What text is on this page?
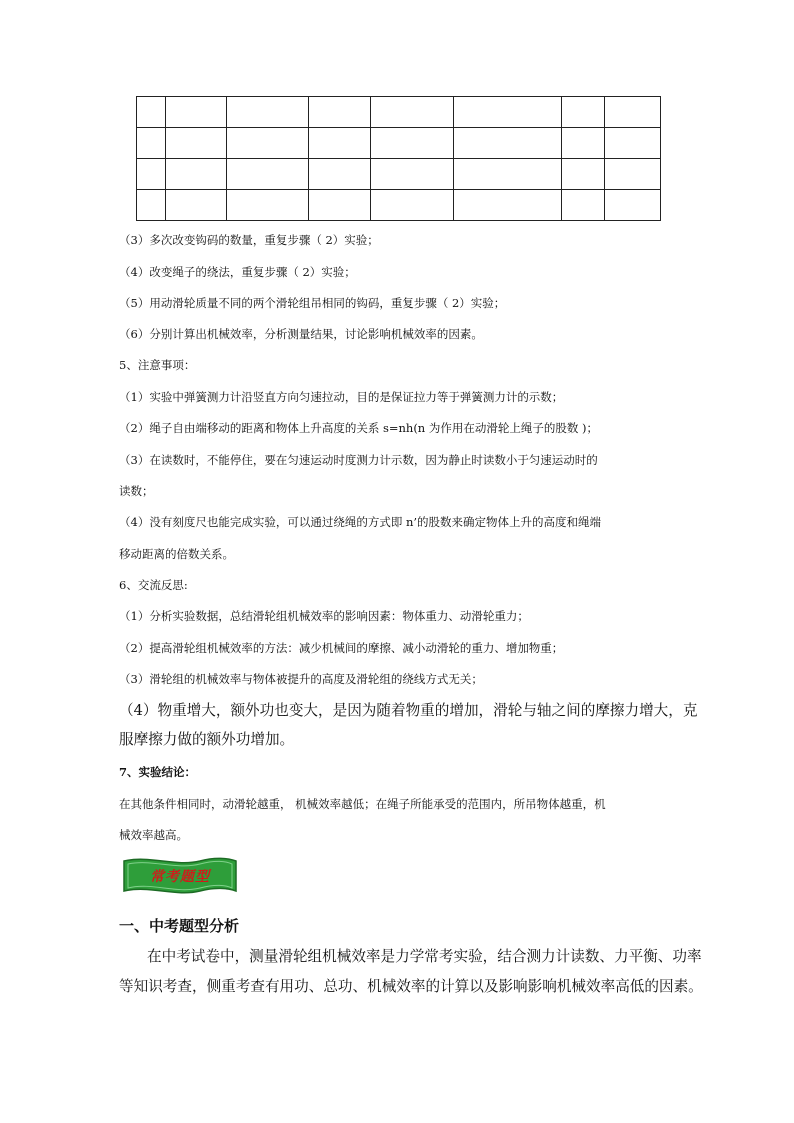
（3）多次改变钩码的数量，重复步骤（ 2）实验；
（4）改变绳子的绕法，重复步骤（ 2）实验；
（5）用动滑轮质量不同的两个滑轮组吊相同的钩码，重复步骤（ 2）实验；
（6）分别计算出机械效率，分析测量结果，讨论影响机械效率的因素。
5、注意事项：
（1）实验中弹簧测力计沿竖直方向匀速拉动，目的是保证拉力等于弹簧测力计的示数；
（2）绳子自由端移动的距离和物体上升高度的关系 s=nh(n 为作用在动滑轮上绳子的股数 )；
（3）在读数时，不能停住，要在匀速运动时度测力计示数，因为静止时读数小于匀速运动时的
读数；
（4）没有刻度尺也能完成实验，可以通过绕绳的方式即 n’的股数来确定物体上升的高度和绳端
移动距离的倍数关系。
6、交流反思:
（1）分析实验数据，总结滑轮组机械效率的影响因素：物体重力、动滑轮重力；
（2）提高滑轮组机械效率的方法：减少机械间的摩擦、减小动滑轮的重力、增加物重；
（3）滑轮组的机械效率与物体被提升的高度及滑轮组的绕线方式无关；
（4）物重增大，额外功也变大，是因为随着物重的增加，滑轮与轴之间的摩擦力增大，克
服摩擦力做的额外功增加。
7、实验结论：
在其他条件相同时，动滑轮越重， 机械效率越低；在绳子所能承受的范围内，所吊物体越重，机
械效率越高。
常考题型
一、中考题型分析
在中考试卷中，测量滑轮组机械效率是力学常考实验，结合测力计读数、力平衡、功率
等知识考查，侧重考查有用功、总功、机械效率的计算以及影响影响机械效率高低的因素。
